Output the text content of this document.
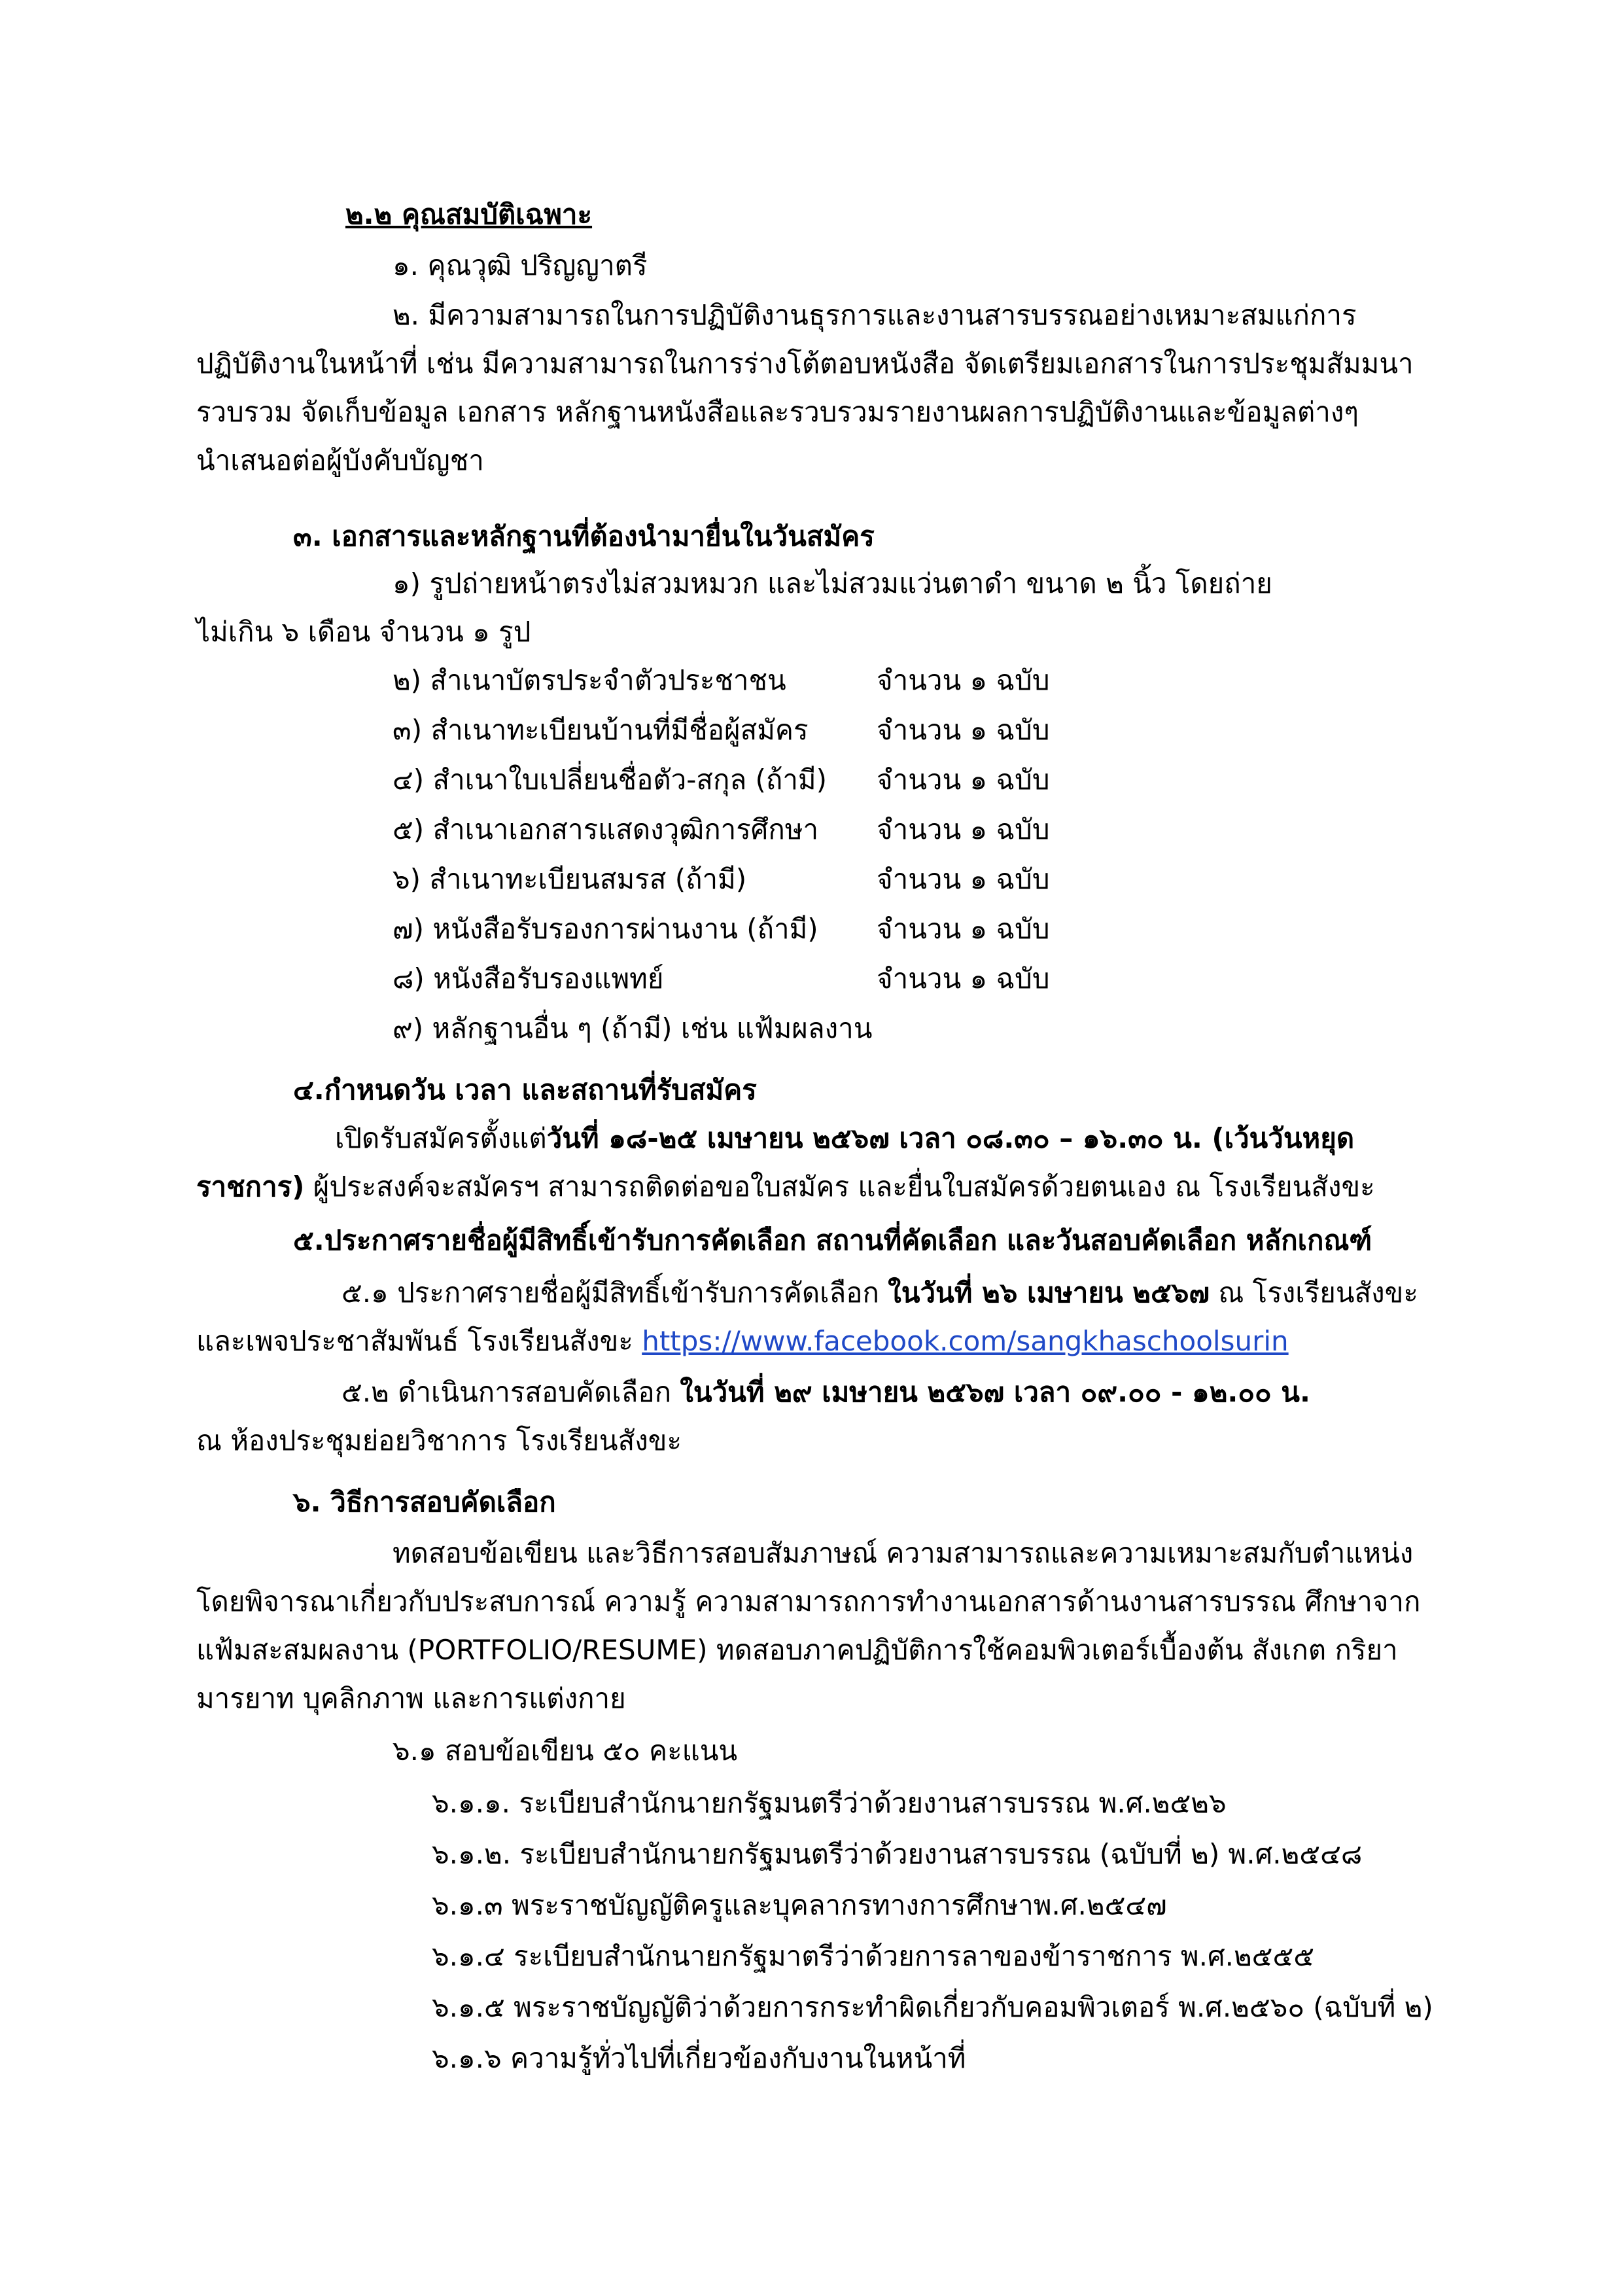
๒.๒ คุณสมบัติเฉพาะ
๑. คุณวุฒิ ปริญญาตรี
๒. มีความสามารถในการปฏิบัติงานธุรการและงานสารบรรณอย่างเหมาะสมแก่การ
ปฏิบัติงานในหน้าที่ เช่น มีความสามารถในการร่างโต้ตอบหนังสือ จัดเตรียมเอกสารในการประชุมสัมมนา
รวบรวม จัดเก็บข้อมูล เอกสาร หลักฐานหนังสือและรวบรวมรายงานผลการปฏิบัติงานและข้อมูลต่างๆ
นำเสนอต่อผู้บังคับบัญชา
๓. เอกสารและหลักฐานที่ต้องนำมายื่นในวันสมัคร
๑) รูปถ่ายหน้าตรงไม่สวมหมวก และไม่สวมแว่นตาดำ ขนาด ๒ นิ้ว โดยถ่าย
ไม่เกิน ๖ เดือน จำนวน ๑ รูป
๒) สำเนาบัตรประจำตัวประชาชน	จำนวน ๑ ฉบับ
๓) สำเนาทะเบียนบ้านที่มีชื่อผู้สมัคร จำนวน ๑ ฉบับ
๔) สำเนาใบเปลี่ยนชื่อตัว-สกุล (ถ้ามี) จำนวน ๑ ฉบับ
๕) สำเนาเอกสารแสดงวุฒิการศึกษา จำนวน ๑ ฉบับ
๖) สำเนาทะเบียนสมรส (ถ้ามี)	จำนวน ๑ ฉบับ
๗) หนังสือรับรองการผ่านงาน (ถ้ามี) จำนวน ๑ ฉบับ
๘) หนังสือรับรองแพทย์	จำนวน ๑ ฉบับ
๙) หลักฐานอื่น ๆ (ถ้ามี) เช่น แฟ้มผลงาน
๔.กำหนดวัน เวลา และสถานที่รับสมัคร
เปิดรับสมัครตั้งแต่วันที่ ๑๘-๒๕ เมษายน ๒๕๖๗ เวลา ๐๘.๓๐ – ๑๖.๓๐ น. (เว้นวันหยุด
ราชการ) ผู้ประสงค์จะสมัครฯ สามารถติดต่อขอใบสมัคร และยื่นใบสมัครด้วยตนเอง ณ โรงเรียนสังขะ
๕.ประกาศรายชื่อผู้มีสิทธิ์เข้ารับการคัดเลือก สถานที่คัดเลือก และวันสอบคัดเลือก หลักเกณฑ์
๕.๑ ประกาศรายชื่อผู้มีสิทธิ์เข้ารับการคัดเลือก ในวันที่ ๒๖ เมษายน ๒๕๖๗ ณ โรงเรียนสังขะ
และเพจประชาสัมพันธ์ โรงเรียนสังขะ https://www.facebook.com/sangkhaschoolsurin
๕.๒ ดำเนินการสอบคัดเลือก ในวันที่ ๒๙ เมษายน ๒๕๖๗ เวลา ๐๙.๐๐ - ๑๒.๐๐ น.
ณ ห้องประชุมย่อยวิชาการ โรงเรียนสังขะ
๖. วิธีการสอบคัดเลือก
ทดสอบข้อเขียน และวิธีการสอบสัมภาษณ์ ความสามารถและความเหมาะสมกับตำแหน่ง
โดยพิจารณาเกี่ยวกับประสบการณ์ ความรู้ ความสามารถการทำงานเอกสารด้านงานสารบรรณ ศึกษาจาก
แฟ้มสะสมผลงาน (PORTFOLIO/RESUME) ทดสอบภาคปฏิบัติการใช้คอมพิวเตอร์เบื้องต้น สังเกต กริยา
มารยาท บุคลิกภาพ และการแต่งกาย
๖.๑ สอบข้อเขียน ๕๐ คะแนน
๖.๑.๑. ระเบียบสำนักนายกรัฐมนตรีว่าด้วยงานสารบรรณ พ.ศ.๒๕๒๖
๖.๑.๒. ระเบียบสำนักนายกรัฐมนตรีว่าด้วยงานสารบรรณ (ฉบับที่ ๒) พ.ศ.๒๕๔๘
๖.๑.๓ พระราชบัญญัติครูและบุคลากรทางการศึกษาพ.ศ.๒๕๔๗
๖.๑.๔ ระเบียบสำนักนายกรัฐมาตรีว่าด้วยการลาของข้าราชการ พ.ศ.๒๕๕๕
๖.๑.๕ พระราชบัญญัติว่าด้วยการกระทำผิดเกี่ยวกับคอมพิวเตอร์ พ.ศ.๒๕๖๐ (ฉบับที่ ๒)
๖.๑.๖ ความรู้ทั่วไปที่เกี่ยวข้องกับงานในหน้าที่
